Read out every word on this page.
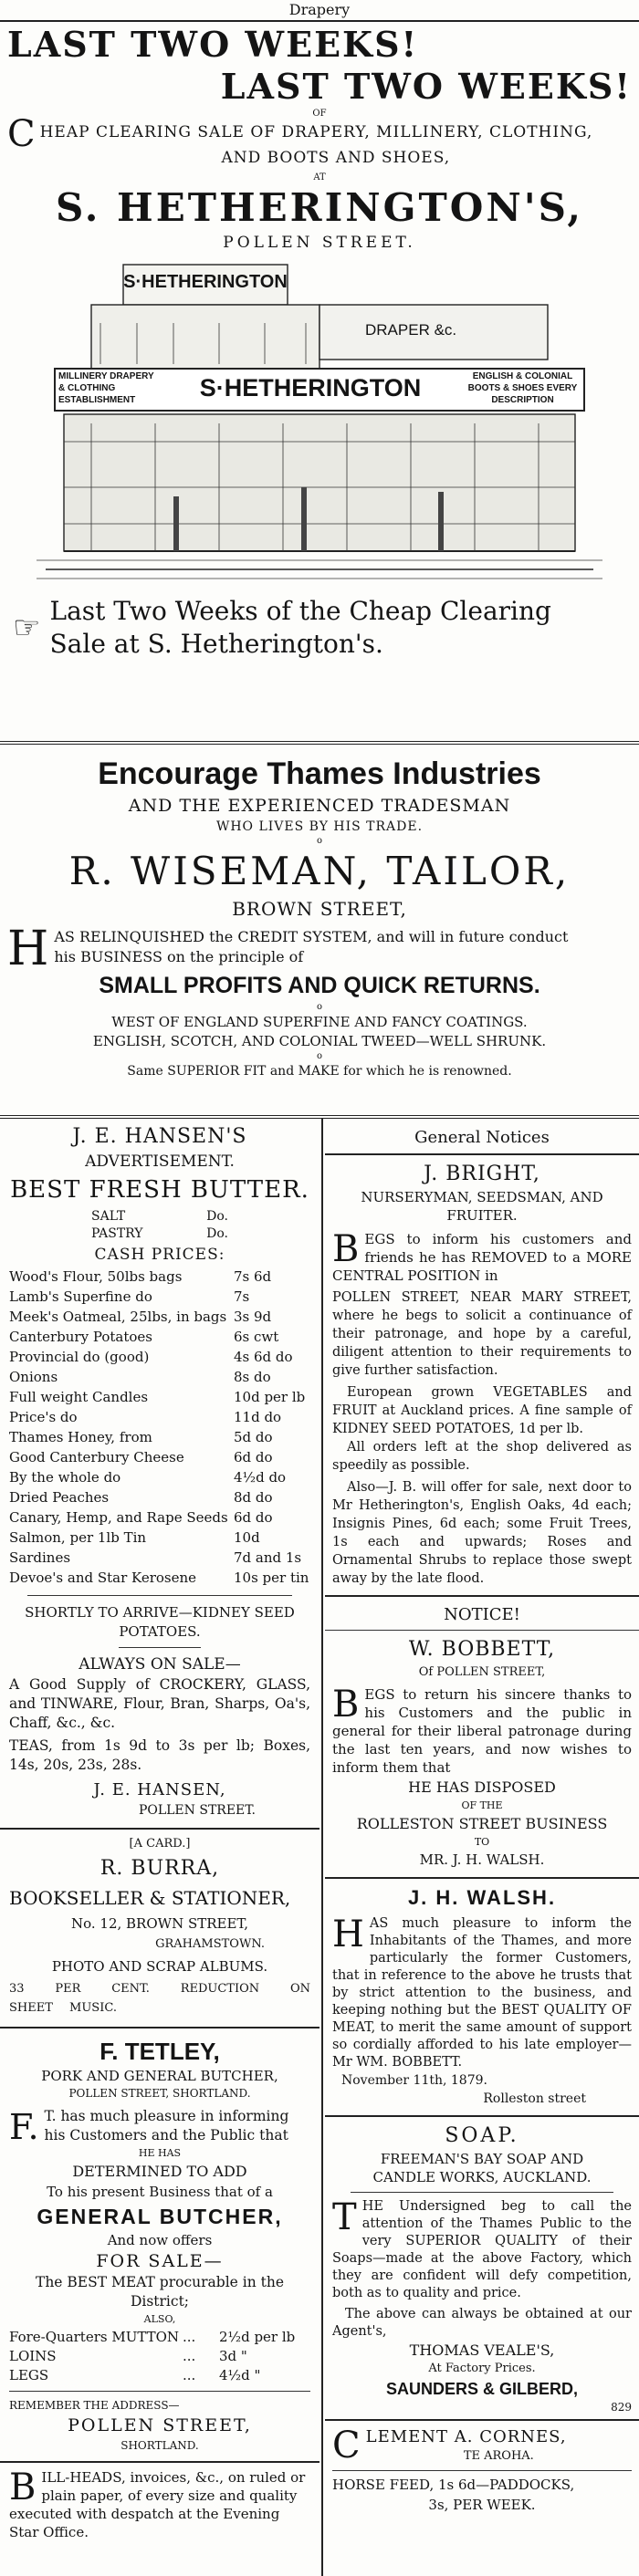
Drapery
LAST TWO WEEKS!
LAST TWO WEEKS!
OF
CHEAP CLEARING SALE OF DRAPERY, MILLINERY, CLOTHING,
AND BOOTS AND SHOES,
AT
S. HETHERINGTON'S,
POLLEN STREET.
S·HETHERINGTON
DRAPER &c.
MILLINERY DRAPERY & CLOTHING ESTABLISHMENT	S·HETHERINGTON	ENGLISH & COLONIAL BOOTS & SHOES EVERY DESCRIPTION
☞ Last Two Weeks of the Cheap Clearing
Sale at S. Hetherington's.
Encourage Thames Industries
AND THE EXPERIENCED TRADESMAN
WHO LIVES BY HIS TRADE.
o
R. WISEMAN, TAILOR,
BROWN STREET,
H AS RELINQUISHED the CREDIT SYSTEM, and will in future conduct
his BUSINESS on the principle of
SMALL PROFITS AND QUICK RETURNS.
o
WEST OF ENGLAND SUPERFINE AND FANCY COATINGS.
ENGLISH, SCOTCH, AND COLONIAL TWEED—WELL SHRUNK.
o
Same SUPERIOR FIT and MAKE for which he is renowned.
J. E. HANSEN'S
ADVERTISEMENT.
BEST FRESH BUTTER.
SALT	Do.
PASTRY	Do.
CASH PRICES:
Wood's Flour, 50lbs bags	7s 6d
Lamb's Superfine do	7s
Meek's Oatmeal, 25lbs, in bags 3s 9d
Canterbury Potatoes	6s cwt
Provincial do (good)	4s 6d do
Onions	8s do
Full weight Candles	10d per lb
Price's do	11d do
Thames Honey, from	5d do
Good Canterbury Cheese	6d do
By the whole do	4½d do
Dried Peaches	8d do
Canary, Hemp, and Rape Seeds 6d do
Salmon, per 1lb Tin	10d
Sardines	7d and 1s
Devoe's and Star Kerosene	10s per tin
SHORTLY TO ARRIVE—KIDNEY SEED POTATOES.
ALWAYS ON SALE—

A Good Supply of CROCKERY, GLASS, and TINWARE, Flour, Bran, Sharps, Oa's, Chaff, &c., &c.

TEAS, from 1s 9d to 3s per lb; Boxes, 14s, 20s, 23s, 28s.

J. E. HANSEN,
POLLEN STREET.
[A CARD.]
R. BURRA,
BOOKSELLER & STATIONER,
No. 12, BROWN STREET,
GRAHAMSTOWN.
PHOTO AND SCRAP ALBUMS.

33 PER CENT. REDUCTION ON SHEET MUSIC.

F. TETLEY,
PORK AND GENERAL BUTCHER,
POLLEN STREET, SHORTLAND.
F. T. has much pleasure in informing his Customers and the Public that
HE HAS
DETERMINED TO ADD
To his present Business that of a
GENERAL BUTCHER,
And now offers
FOR SALE—
The BEST MEAT procurable in the District;
ALSO,
Fore-Quarters MUTTON ...	2½d per lb
LOINS	...	3d "
LEGS	...	4½d "
REMEMBER THE ADDRESS—
POLLEN STREET,
SHORTLAND.
B ILL-HEADS, invoices, &c., on ruled or plain paper, of every size and quality executed with despatch at the Evening Star Office.
General Notices
J. BRIGHT,
NURSERYMAN, SEEDSMAN, AND FRUITER.
B EGS to inform his customers and friends he has REMOVED to a MORE CENTRAL POSITION in

POLLEN STREET, NEAR MARY STREET, where he begs to solicit a continuance of their patronage, and hope by a careful, diligent attention to their requirements to give further satisfaction.

European grown VEGETABLES and FRUIT at Auckland prices. A fine sample of KIDNEY SEED POTATOES, 1d per lb.

All orders left at the shop delivered as speedily as possible.

Also—J. B. will offer for sale, next door to Mr Hetherington's, English Oaks, 4d each; Insignis Pines, 6d each; some Fruit Trees, 1s each and upwards; Roses and Ornamental Shrubs to replace those swept away by the late flood.

NOTICE!
W. BOBBETT,
Of POLLEN STREET,
B EGS to return his sincere thanks to his Customers and the public in general for their liberal patronage during the last ten years, and now wishes to inform them that
HE HAS DISPOSED
OF THE
ROLLESTON STREET BUSINESS
TO
MR. J. H. WALSH.
J. H. WALSH.
H AS much pleasure to inform the Inhabitants of the Thames, and more particularly the former Customers, that in reference to the above he trusts that by strict attention to the business, and keeping nothing but the BEST QUALITY OF MEAT, to merit the same amount of support so cordially afforded to his late employer—Mr WM. BOBBETT.
November 11th, 1879.
Rolleston street
SOAP.
FREEMAN'S BAY SOAP AND
CANDLE WORKS, AUCKLAND.
T HE Undersigned beg to call the attention of the Thames Public to the very SUPERIOR QUALITY of their Soaps—made at the above Factory, which they are confident will defy competition, both as to quality and price.

The above can always be obtained at our Agent's,

THOMAS VEALE'S,
At Factory Prices.
SAUNDERS & GILBERD,
829
C LEMENT A. CORNES,
TE AROHA.
HORSE FEED, 1s 6d—PADDOCKS,
3s, PER WEEK.
